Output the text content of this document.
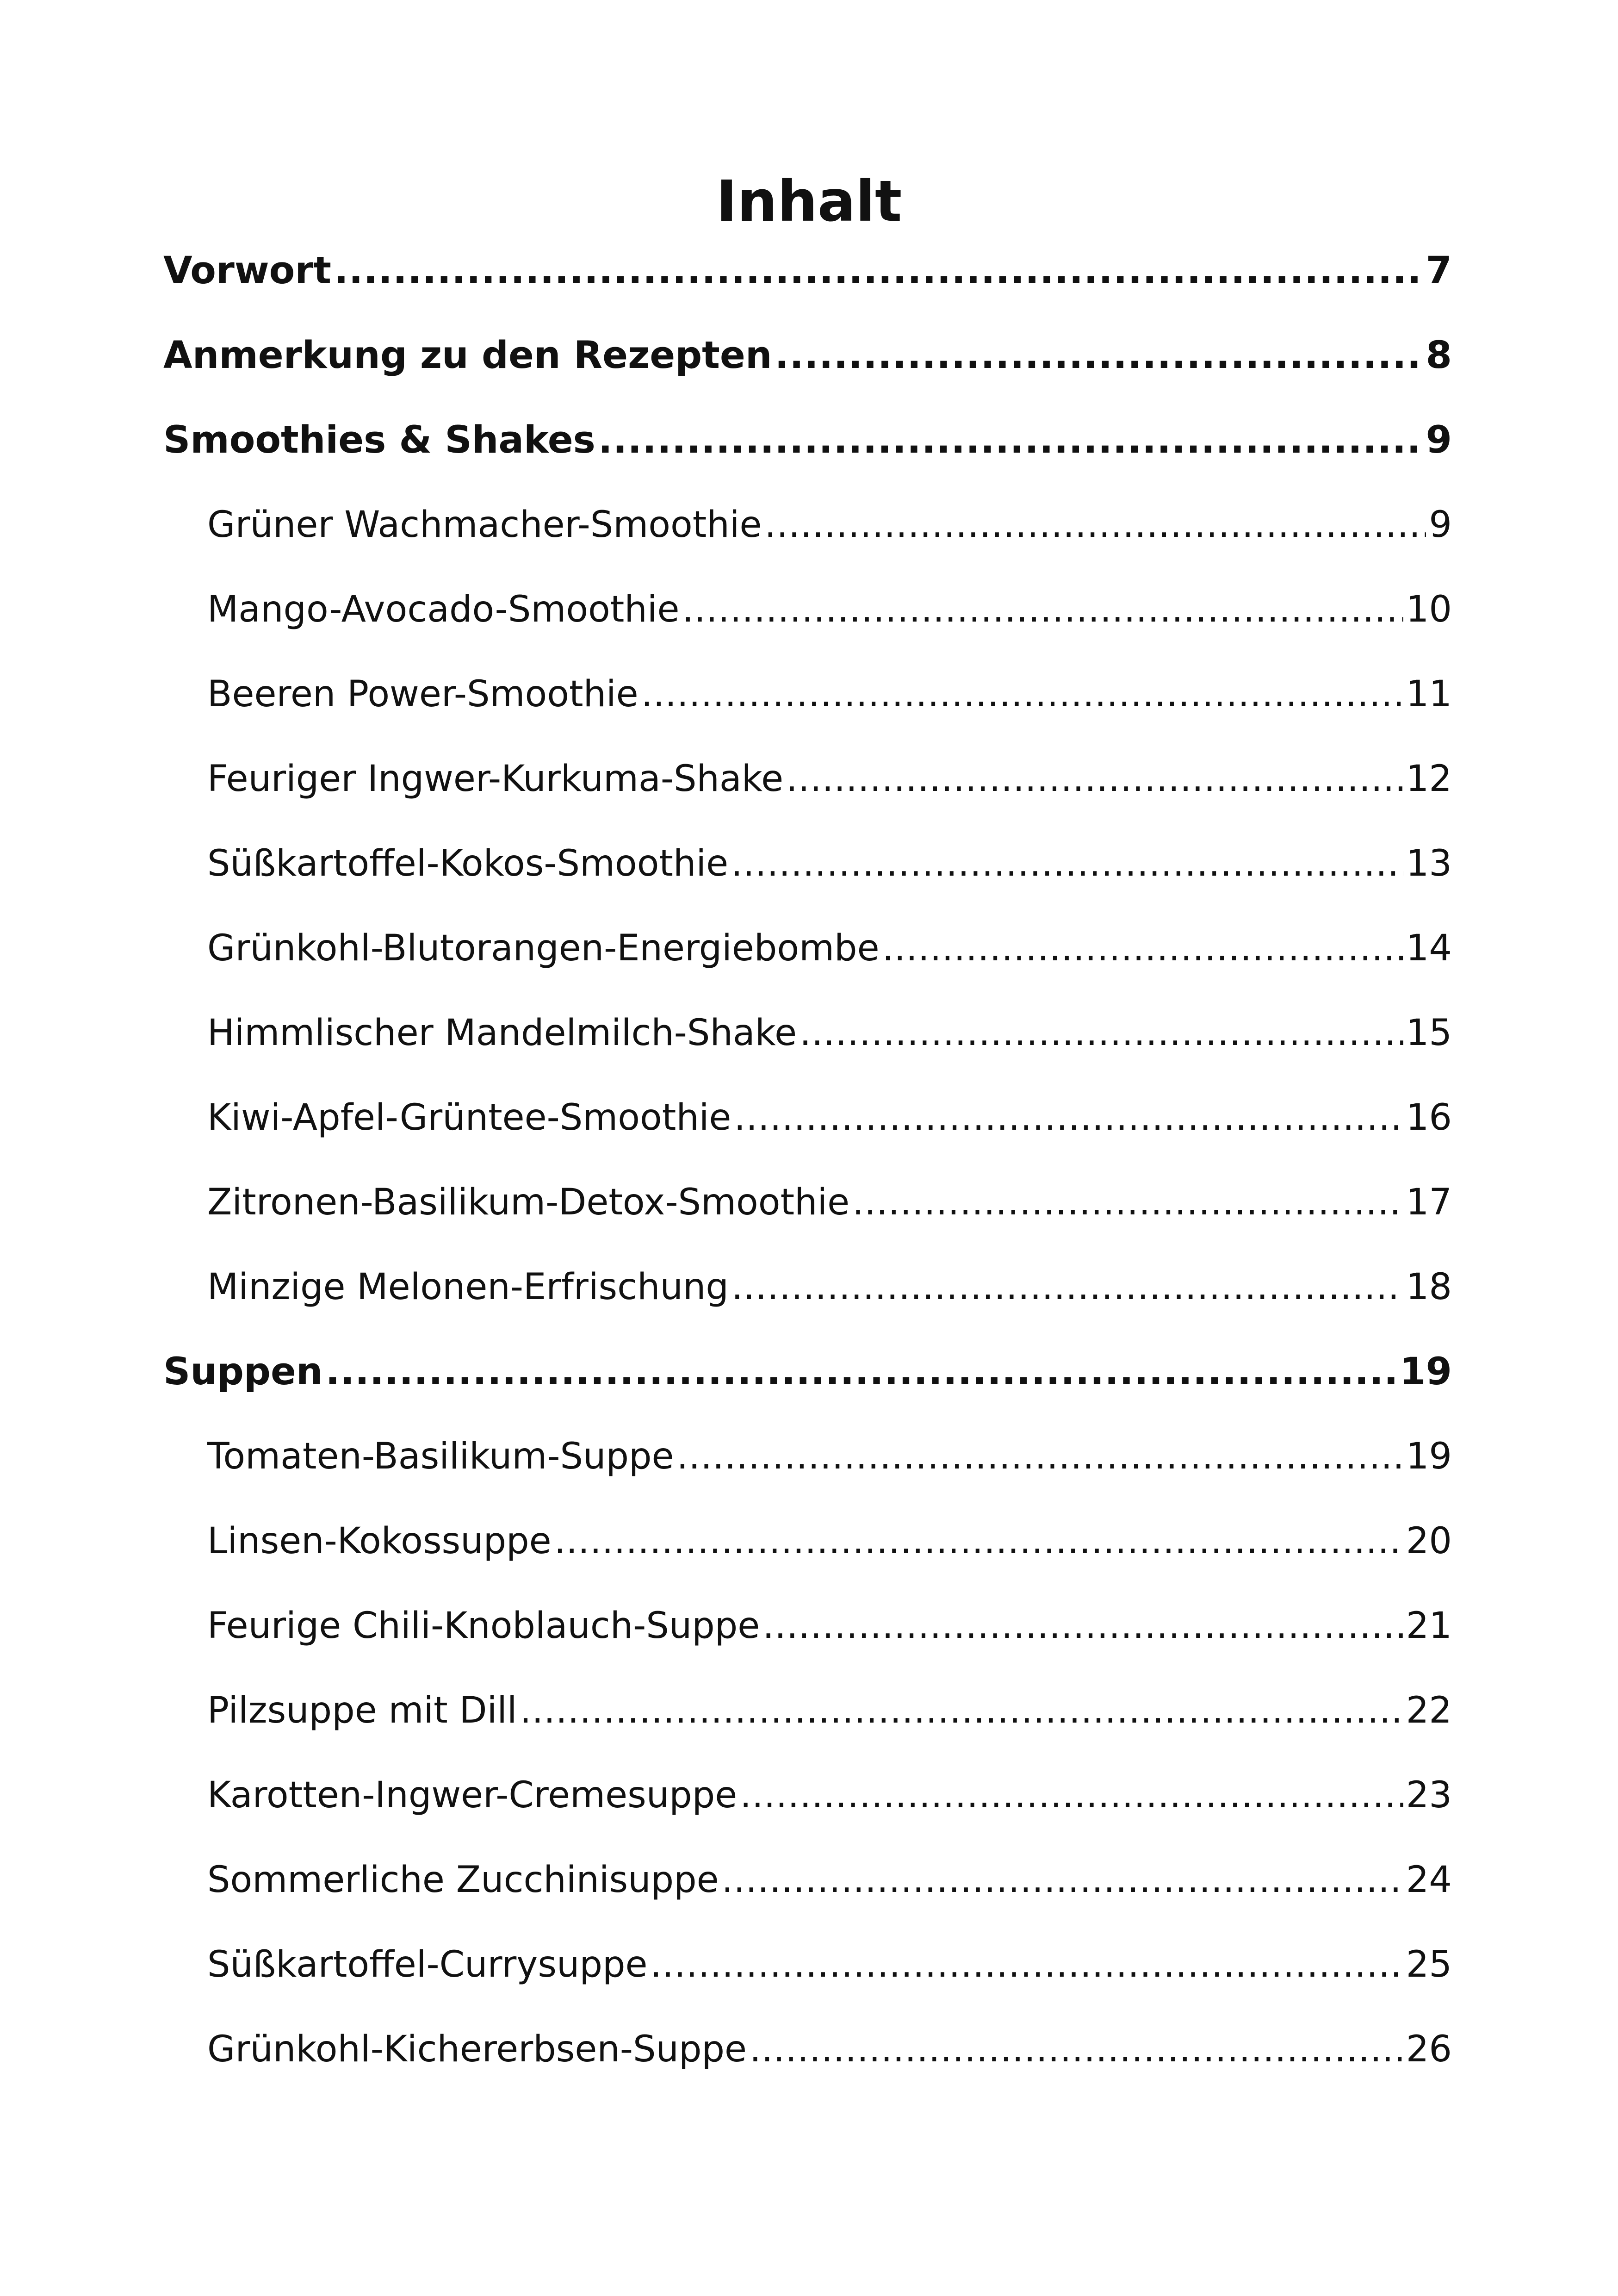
Inhalt
Vorwort .....	7
Anmerkung zu den Rezepten .....	8
Smoothies & Shakes .....	9
Grüner Wachmacher-Smoothie .....	9
Mango-Avocado-Smoothie .....	10
Beeren Power-Smoothie .....	11
Feuriger Ingwer-Kurkuma-Shake .....	12
Süßkartoffel-Kokos-Smoothie .....	13
Grünkohl-Blutorangen-Energiebombe .....	14
Himmlischer Mandelmilch-Shake .....	15
Kiwi-Apfel-Grüntee-Smoothie .....	16
Zitronen-Basilikum-Detox-Smoothie .....	17
Minzige Melonen-Erfrischung .....	18
Suppen .....	19
Tomaten-Basilikum-Suppe .....	19
Linsen-Kokossuppe .....	20
Feurige Chili-Knoblauch-Suppe .....	21
Pilzsuppe mit Dill .....	22
Karotten-Ingwer-Cremesuppe .....	23
Sommerliche Zucchinisuppe .....	24
Süßkartoffel-Currysuppe .....	25
Grünkohl-Kichererbsen-Suppe .....	26
